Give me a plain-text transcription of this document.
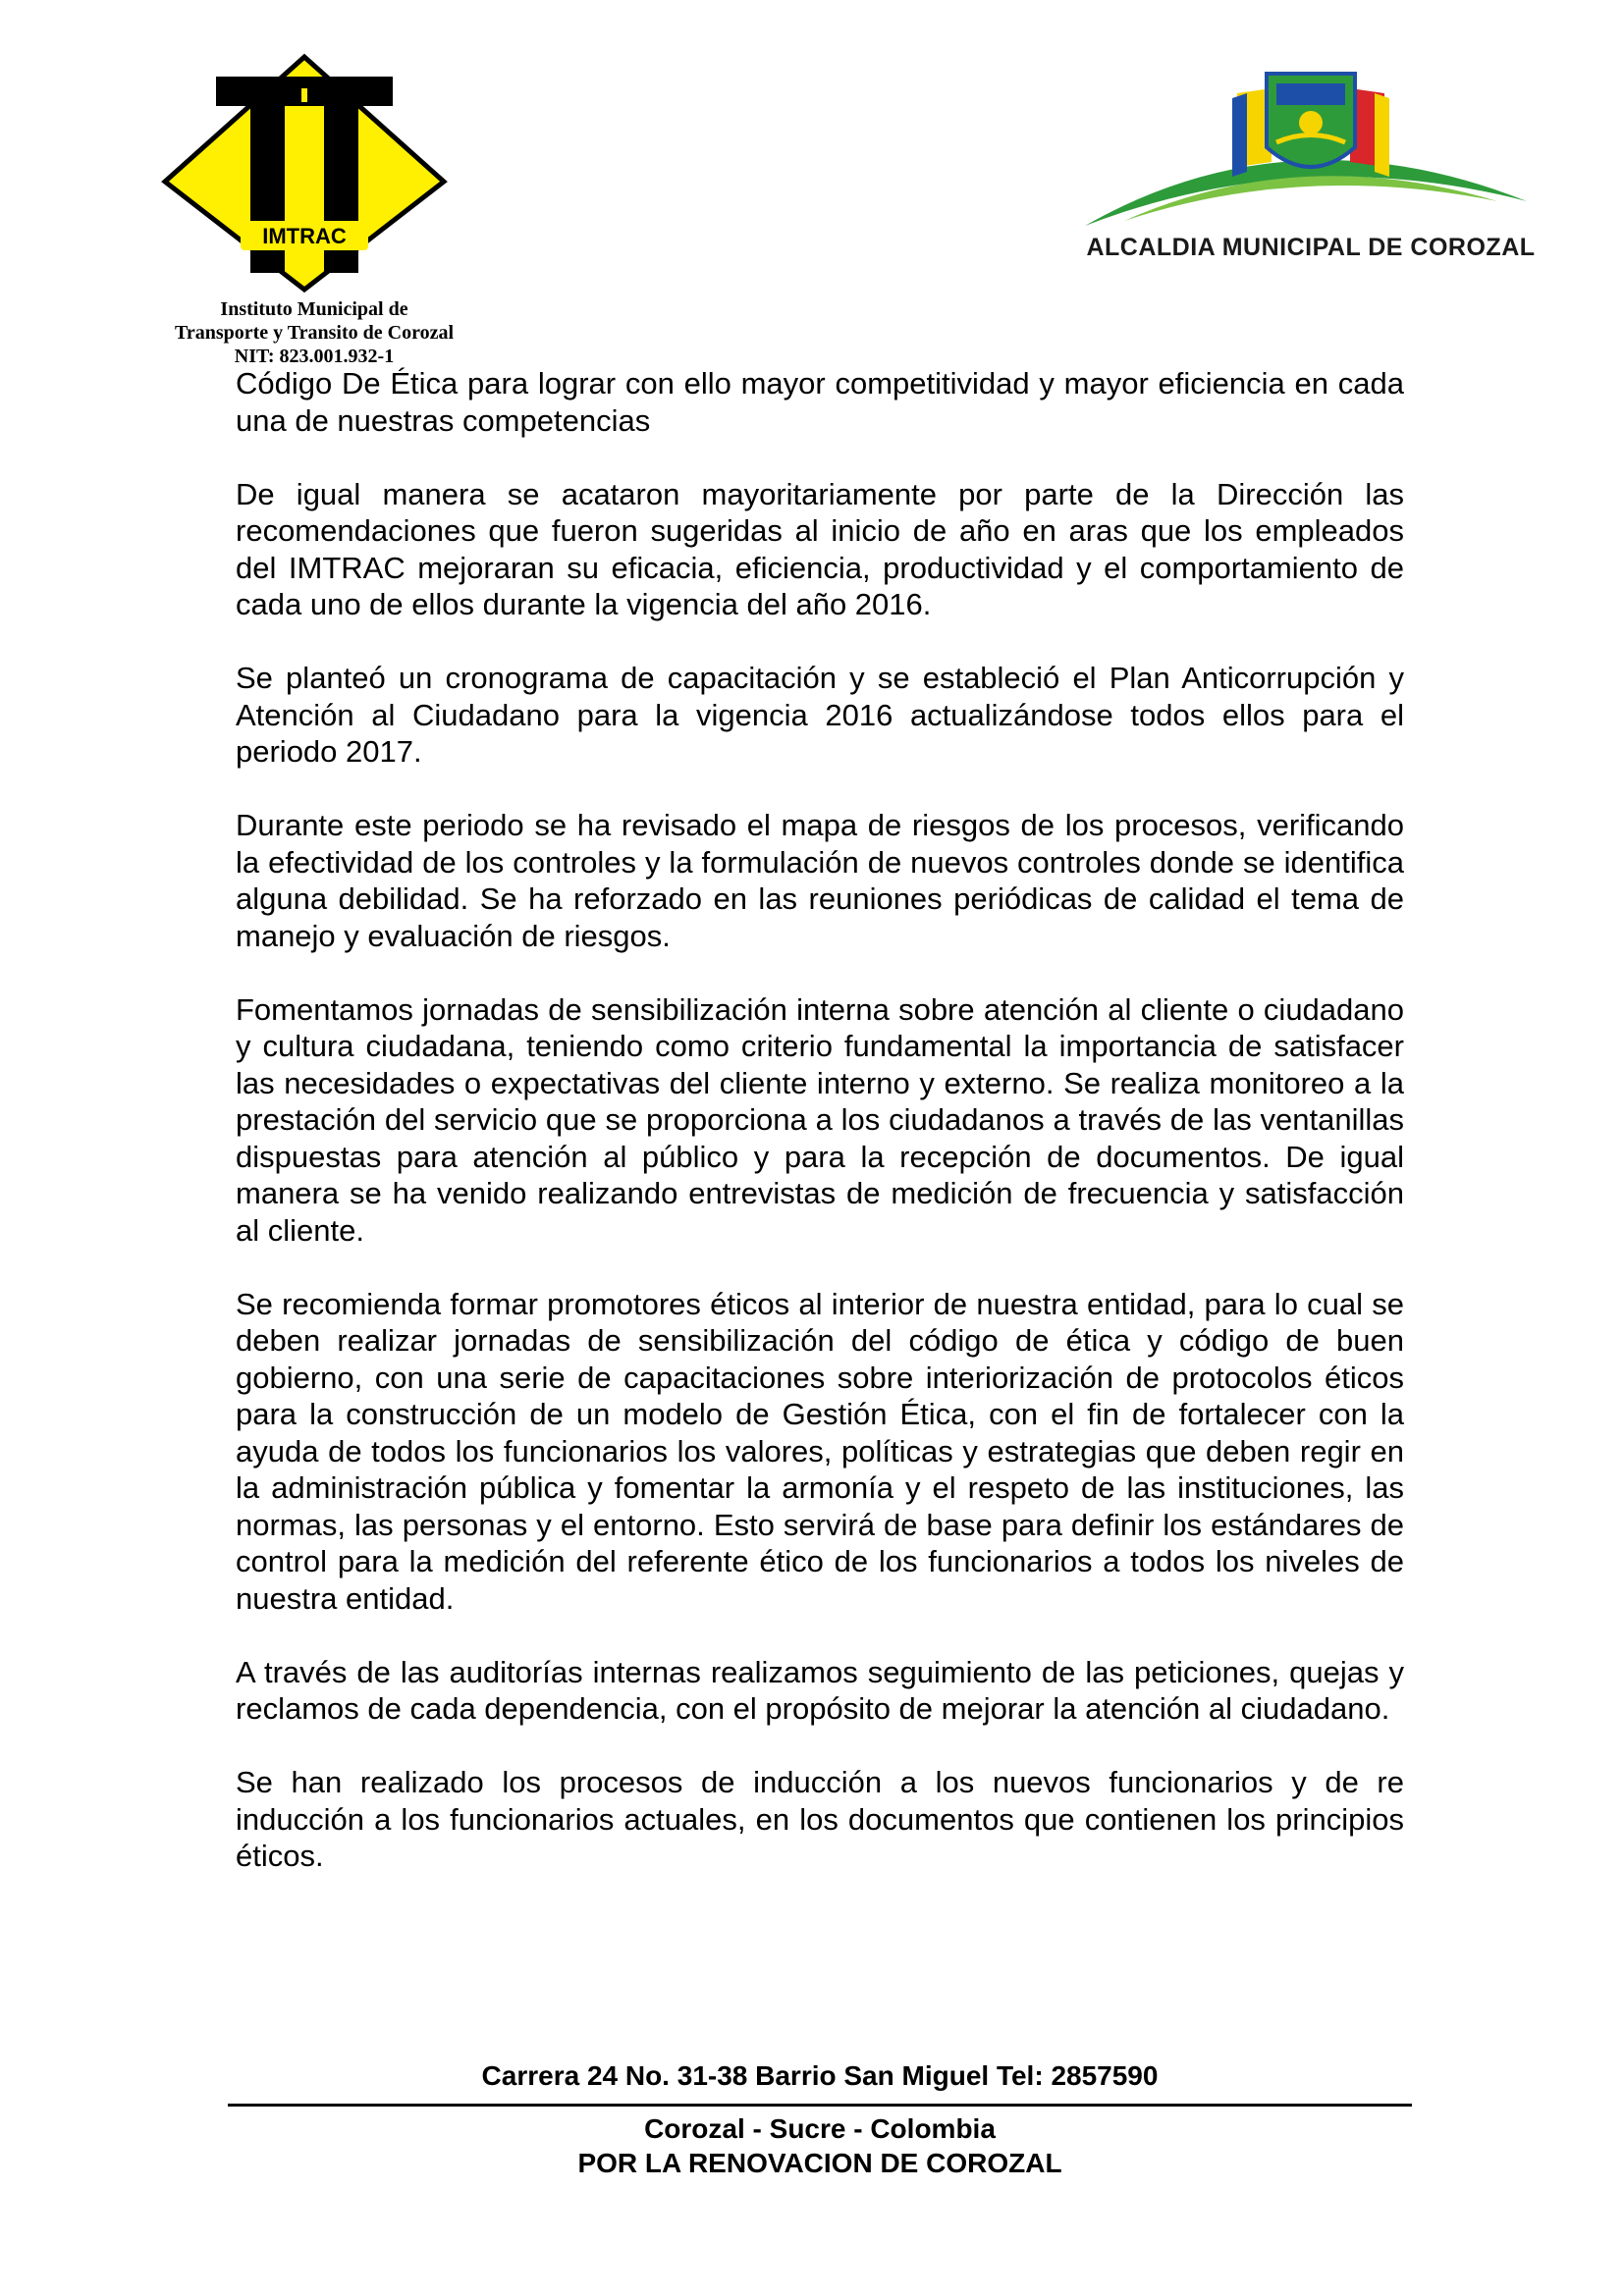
IMTRAC
Instituto Municipal de
Transporte y Transito de Corozal
NIT: 823.001.932-1
ALCALDIA MUNICIPAL DE COROZAL

Código De Ética para lograr con ello mayor competitividad y mayor eficiencia en cada una de nuestras competencias

De igual manera se acataron mayoritariamente por parte de la Dirección las recomendaciones que fueron sugeridas al inicio de año en aras que los empleados del IMTRAC mejoraran su eficacia, eficiencia, productividad y el comportamiento de cada uno de ellos durante la vigencia del año 2016.

Se planteó un cronograma de capacitación y se estableció el Plan Anticorrupción y Atención al Ciudadano para la vigencia 2016 actualizándose todos ellos para el periodo 2017.

Durante este periodo se ha revisado el mapa de riesgos de los procesos, verificando la efectividad de los controles y la formulación de nuevos controles donde se identifica alguna debilidad. Se ha reforzado en las reuniones periódicas de calidad el tema de manejo y evaluación de riesgos.

Fomentamos jornadas de sensibilización interna sobre atención al cliente o ciudadano y cultura ciudadana, teniendo como criterio fundamental la importancia de satisfacer las necesidades o expectativas del cliente interno y externo. Se realiza monitoreo a la prestación del servicio que se proporciona a los ciudadanos a través de las ventanillas dispuestas para atención al público y para la recepción de documentos. De igual manera se ha venido realizando entrevistas de medición de frecuencia y satisfacción al cliente.

Se recomienda formar promotores éticos al interior de nuestra entidad, para lo cual se deben realizar jornadas de sensibilización del código de ética y código de buen gobierno, con una serie de capacitaciones sobre interiorización de protocolos éticos para la construcción de un modelo de Gestión Ética, con el fin de fortalecer con la ayuda de todos los funcionarios los valores, políticas y estrategias que deben regir en la administración pública y fomentar la armonía y el respeto de las instituciones, las normas, las personas y el entorno. Esto servirá de base para definir los estándares de control para la medición del referente ético de los funcionarios a todos los niveles de nuestra entidad.

A través de las auditorías internas realizamos seguimiento de las peticiones, quejas y reclamos de cada dependencia, con el propósito de mejorar la atención al ciudadano.

Se han realizado los procesos de inducción a los nuevos funcionarios y de re inducción a los funcionarios actuales, en los documentos que contienen los principios éticos.

Carrera 24 No. 31-38 Barrio San Miguel Tel: 2857590
Corozal - Sucre - Colombia
POR LA RENOVACION DE COROZAL
